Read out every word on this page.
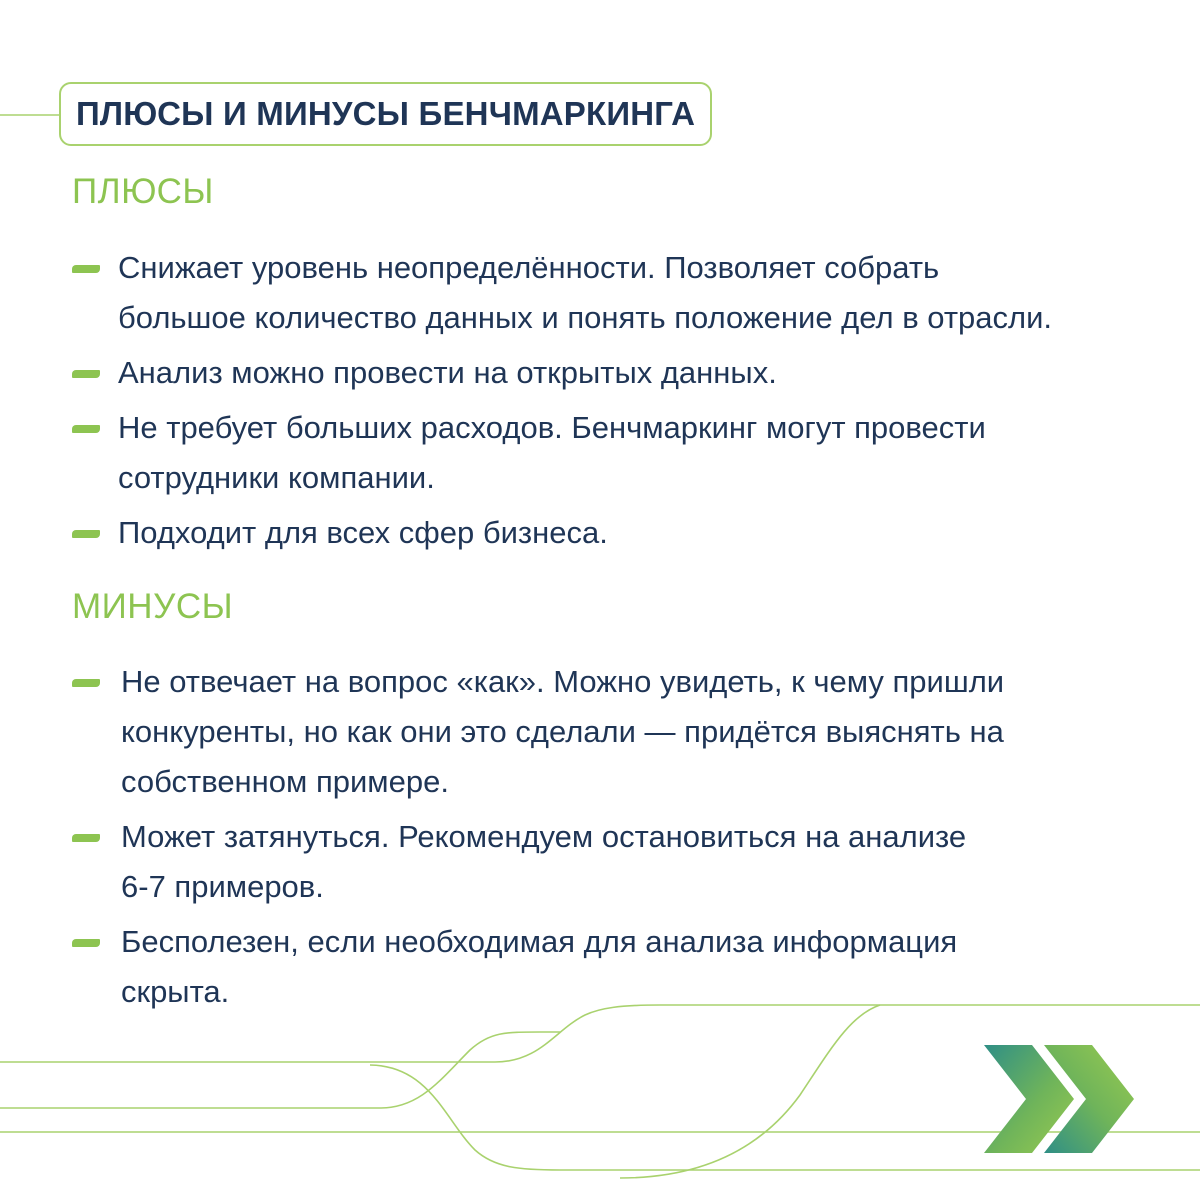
ПЛЮСЫ И МИНУСЫ БЕНЧМАРКИНГА
ПЛЮСЫ
Снижает уровень неопределённости. Позволяет собрать
большое количество данных и понять положение дел в отрасли.
Анализ можно провести на открытых данных.
Не требует больших расходов. Бенчмаркинг могут провести
сотрудники компании.
Подходит для всех сфер бизнеса.
МИНУСЫ
Не отвечает на вопрос «как». Можно увидеть, к чему пришли
конкуренты, но как они это сделали — придётся выяснять на
собственном примере.
Может затянуться. Рекомендуем остановиться на анализе
6-7 примеров.
Бесполезен, если необходимая для анализа информация
скрыта.
